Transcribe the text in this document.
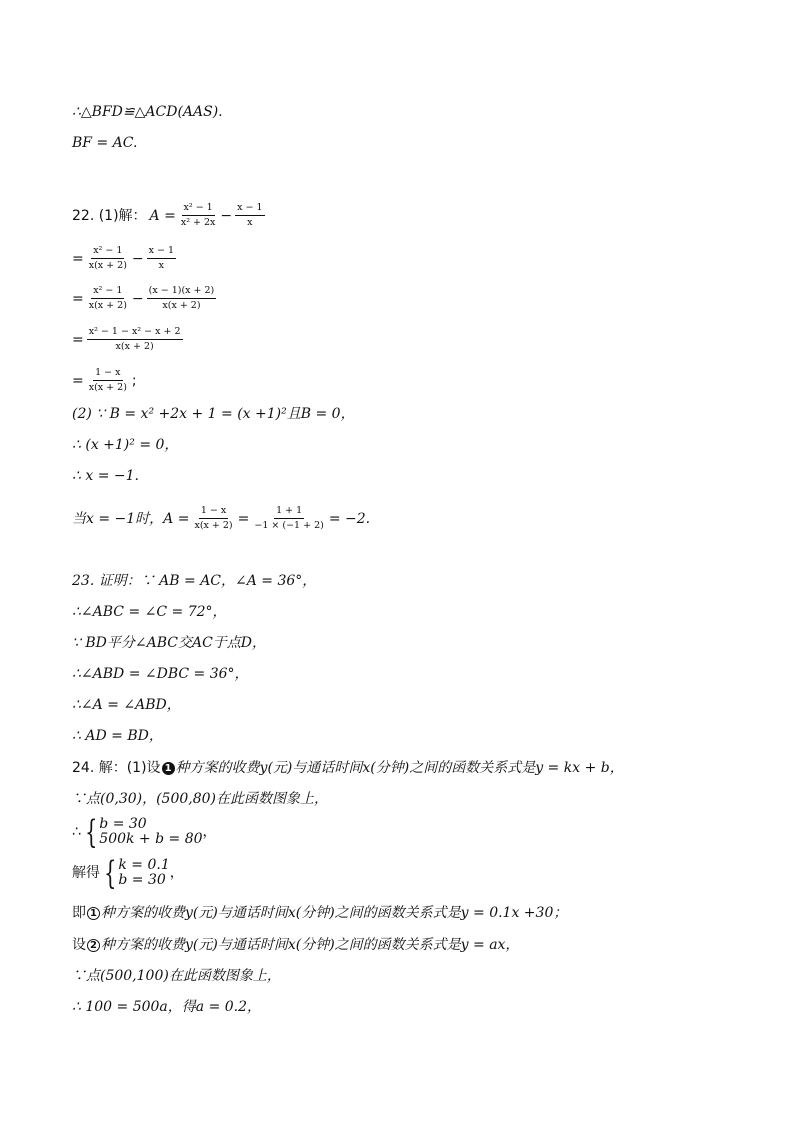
∴△BFD≌△ACD(AAS).
BF = AC.
22. (1)解： $A = \frac{\text{x² − 1}}{\text{x² + 2x}} - \frac{x - 1}{x}$
= $\frac{\text{x² − 1}}{x(x + 2)} - \frac{x - 1}{x}$
= $\frac{\text{x² − 1}}{x(x + 2)} - \frac{(x - 1)(x + 2)}{x(x + 2)}$
= $\frac{\text{x² − 1 − x² − x + 2}}{x(x + 2)}$
= $\frac{1 - x}{x(x + 2)}$ ;
(2) ∵ B = x² +2x + 1 = (x +1)²且B = 0，
∴ (x +1)² = 0，
∴ x = −1.
当x = −1时，$A = \frac{1 - x}{x(x + 2)} = \frac{1 + 1}{-1 \times (-1 + 2)} = -2$.
23. 证明：∵ AB = AC，∠A = 36°，
∴∠ABC = ∠C = 72°，
∵ BD平分∠ABC交AC于点D，
∴∠ABD = ∠DBC = 36°，
∴∠A = ∠ABD，
∴ AD = BD，
24. 解：(1)设 1 种方案的收费y(元)与通话时间x(分钟)之间的函数关系式是y = kx + b，
∵点(0,30)，(500,80)在此函数图象上，
∴ { b = 30
500k + b = 80 ，
解得 { k = 0.1
b = 30 ，
即 1 种方案的收费y(元)与通话时间x(分钟)之间的函数关系式是y = 0.1x +30；
设 2 种方案的收费y(元)与通话时间x(分钟)之间的函数关系式是y = ax，
∵点(500,100)在此函数图象上，
∴ 100 = 500a，得a = 0.2，
